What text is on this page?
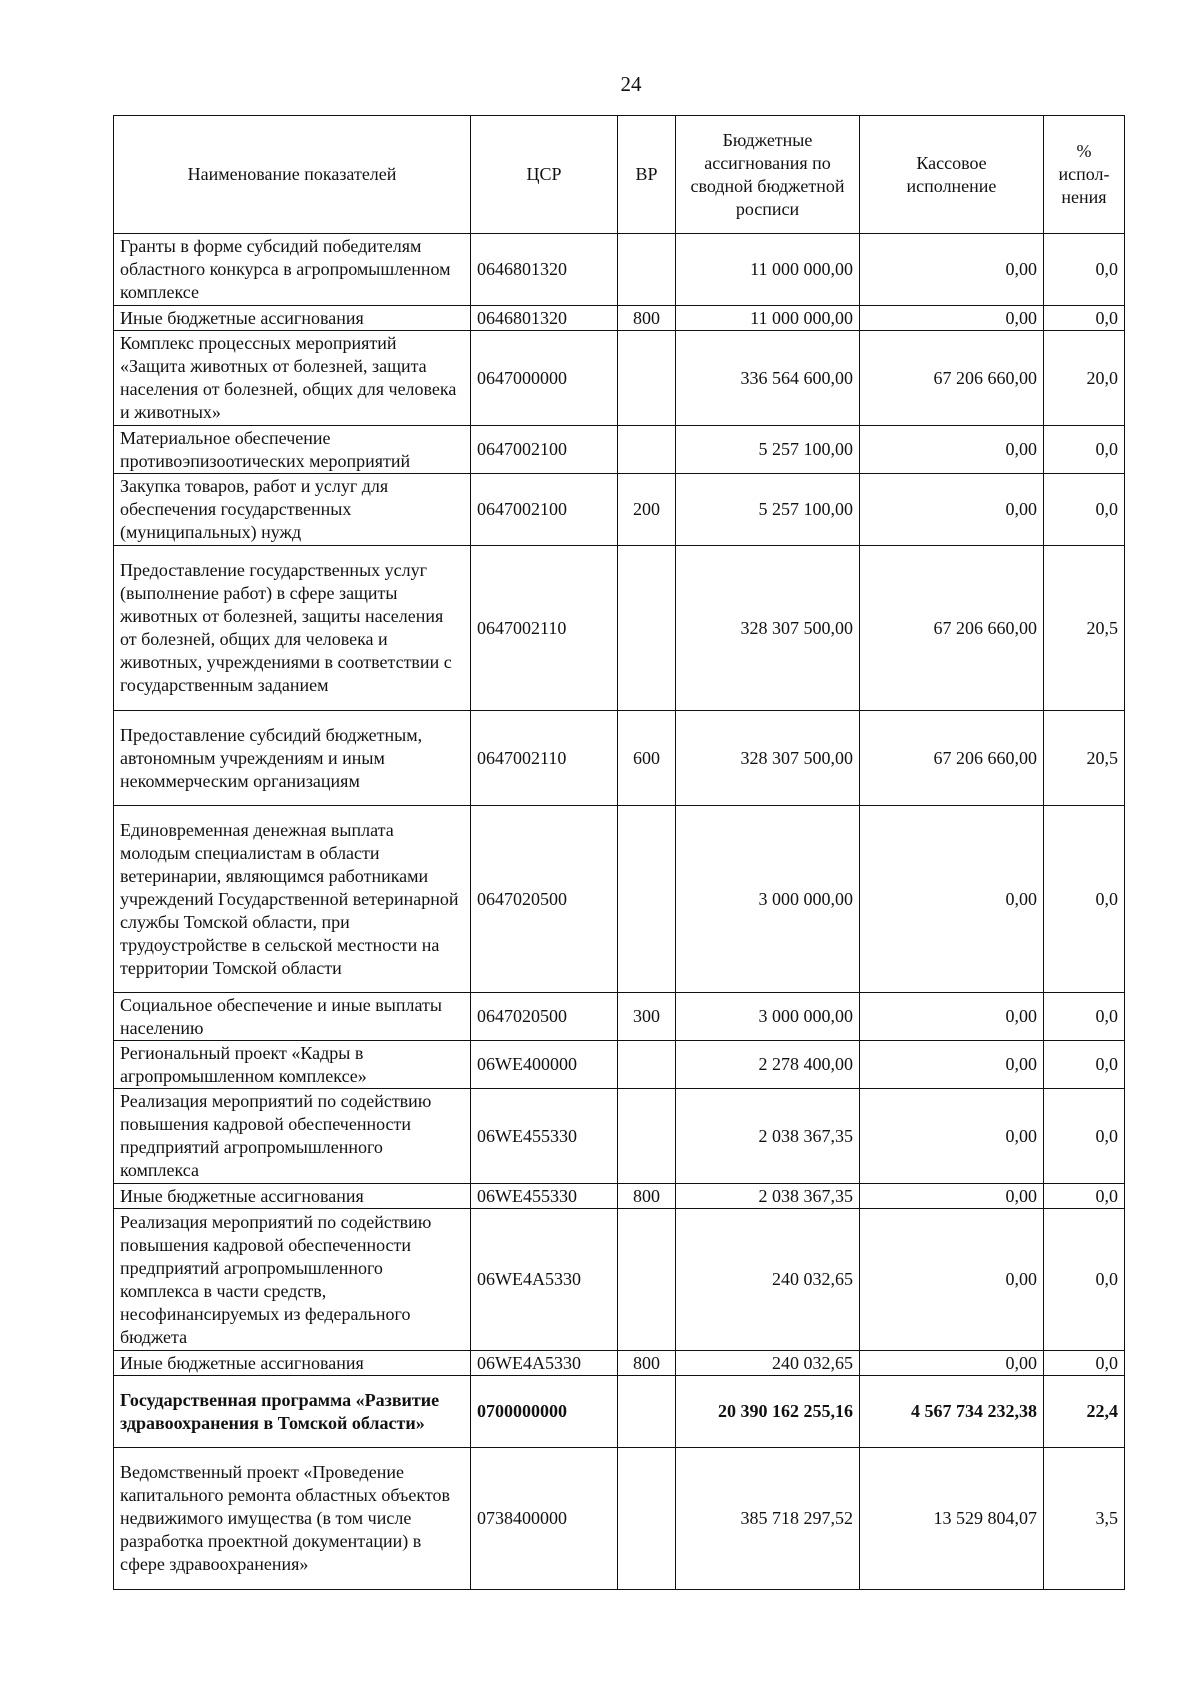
24
Наименование показателей	ЦСР	ВР	Бюджетные ассигнования по сводной бюджетной росписи	Кассовое исполнение	% испол-нения
Гранты в форме субсидий победителям областного конкурса в агропромышленном комплексе	0646801320		11 000 000,00	0,00	0,0
Иные бюджетные ассигнования	0646801320	800	11 000 000,00	0,00	0,0
Комплекс процессных мероприятий «Защита животных от болезней, защита населения от болезней, общих для человека и животных»	0647000000		336 564 600,00	67 206 660,00	20,0
Материальное обеспечение противоэпизоотических мероприятий	0647002100		5 257 100,00	0,00	0,0
Закупка товаров, работ и услуг для обеспечения государственных (муниципальных) нужд	0647002100	200	5 257 100,00	0,00	0,0
Предоставление государственных услуг (выполнение работ) в сфере защиты животных от болезней, защиты населения от болезней, общих для человека и животных, учреждениями в соответствии с государственным заданием	0647002110		328 307 500,00	67 206 660,00	20,5
Предоставление субсидий бюджетным, автономным учреждениям и иным некоммерческим организациям	0647002110	600	328 307 500,00	67 206 660,00	20,5
Единовременная денежная выплата молодым специалистам в области ветеринарии, являющимся работниками учреждений Государственной ветеринарной службы Томской области, при трудоустройстве в сельской местности на территории Томской области	0647020500		3 000 000,00	0,00	0,0
Социальное обеспечение и иные выплаты населению	0647020500	300	3 000 000,00	0,00	0,0
Региональный проект «Кадры в агропромышленном комплексе»	06WE400000		2 278 400,00	0,00	0,0
Реализация мероприятий по содействию повышения кадровой обеспеченности предприятий агропромышленного комплекса	06WE455330		2 038 367,35	0,00	0,0
Иные бюджетные ассигнования	06WE455330	800	2 038 367,35	0,00	0,0
Реализация мероприятий по содействию повышения кадровой обеспеченности предприятий агропромышленного комплекса в части средств, несофинансируемых из федерального бюджета	06WE4A5330		240 032,65	0,00	0,0
Иные бюджетные ассигнования	06WE4A5330	800	240 032,65	0,00	0,0
Государственная программа «Развитие здравоохранения в Томской области»	0700000000		20 390 162 255,16	4 567 734 232,38	22,4
Ведомственный проект «Проведение капитального ремонта областных объектов недвижимого имущества (в том числе разработка проектной документации) в сфере здравоохранения»	0738400000		385 718 297,52	13 529 804,07	3,5
